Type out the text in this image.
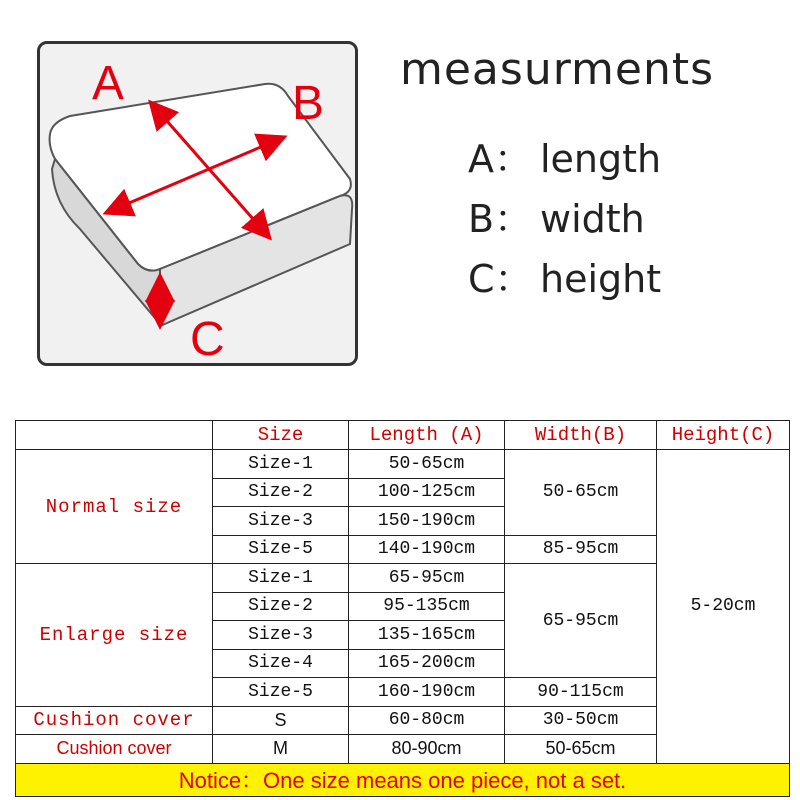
A	B
C
measurments
A： length
B： width
C： height
	Size	Length (A)	Width(B)	Height(C)
Normal size	Size-1	50-65cm	50-65cm	5-20cm
	Size-2	100-125cm		
	Size-3	150-190cm		
	Size-5	140-190cm	85-95cm	
Enlarge size	Size-1	65-95cm	65-95cm	
	Size-2	95-135cm		
	Size-3	135-165cm		
	Size-4	165-200cm		
	Size-5	160-190cm	90-115cm	
Cushion cover	S	60-80cm	30-50cm	
Cushion cover	M	80-90cm	50-65cm	
Notice：One size means one piece, not a set.				
